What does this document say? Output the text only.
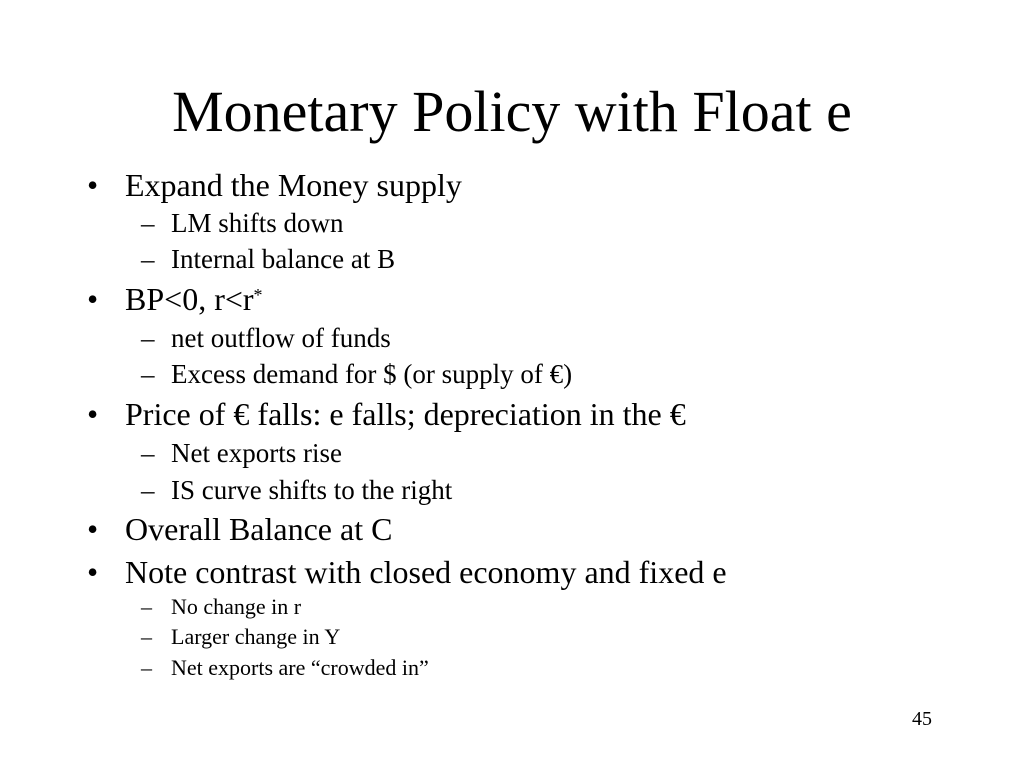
Monetary Policy with Float e
• Expand the Money supply
– LM shifts down
– Internal balance at B
• BP<0, r<r*
– net outflow of funds
– Excess demand for $ (or supply of €)
• Price of € falls: e falls; depreciation in the €
– Net exports rise
– IS curve shifts to the right
• Overall Balance at C
• Note contrast with closed economy and fixed e
– No change in r
– Larger change in Y
– Net exports are “crowded in”
45
